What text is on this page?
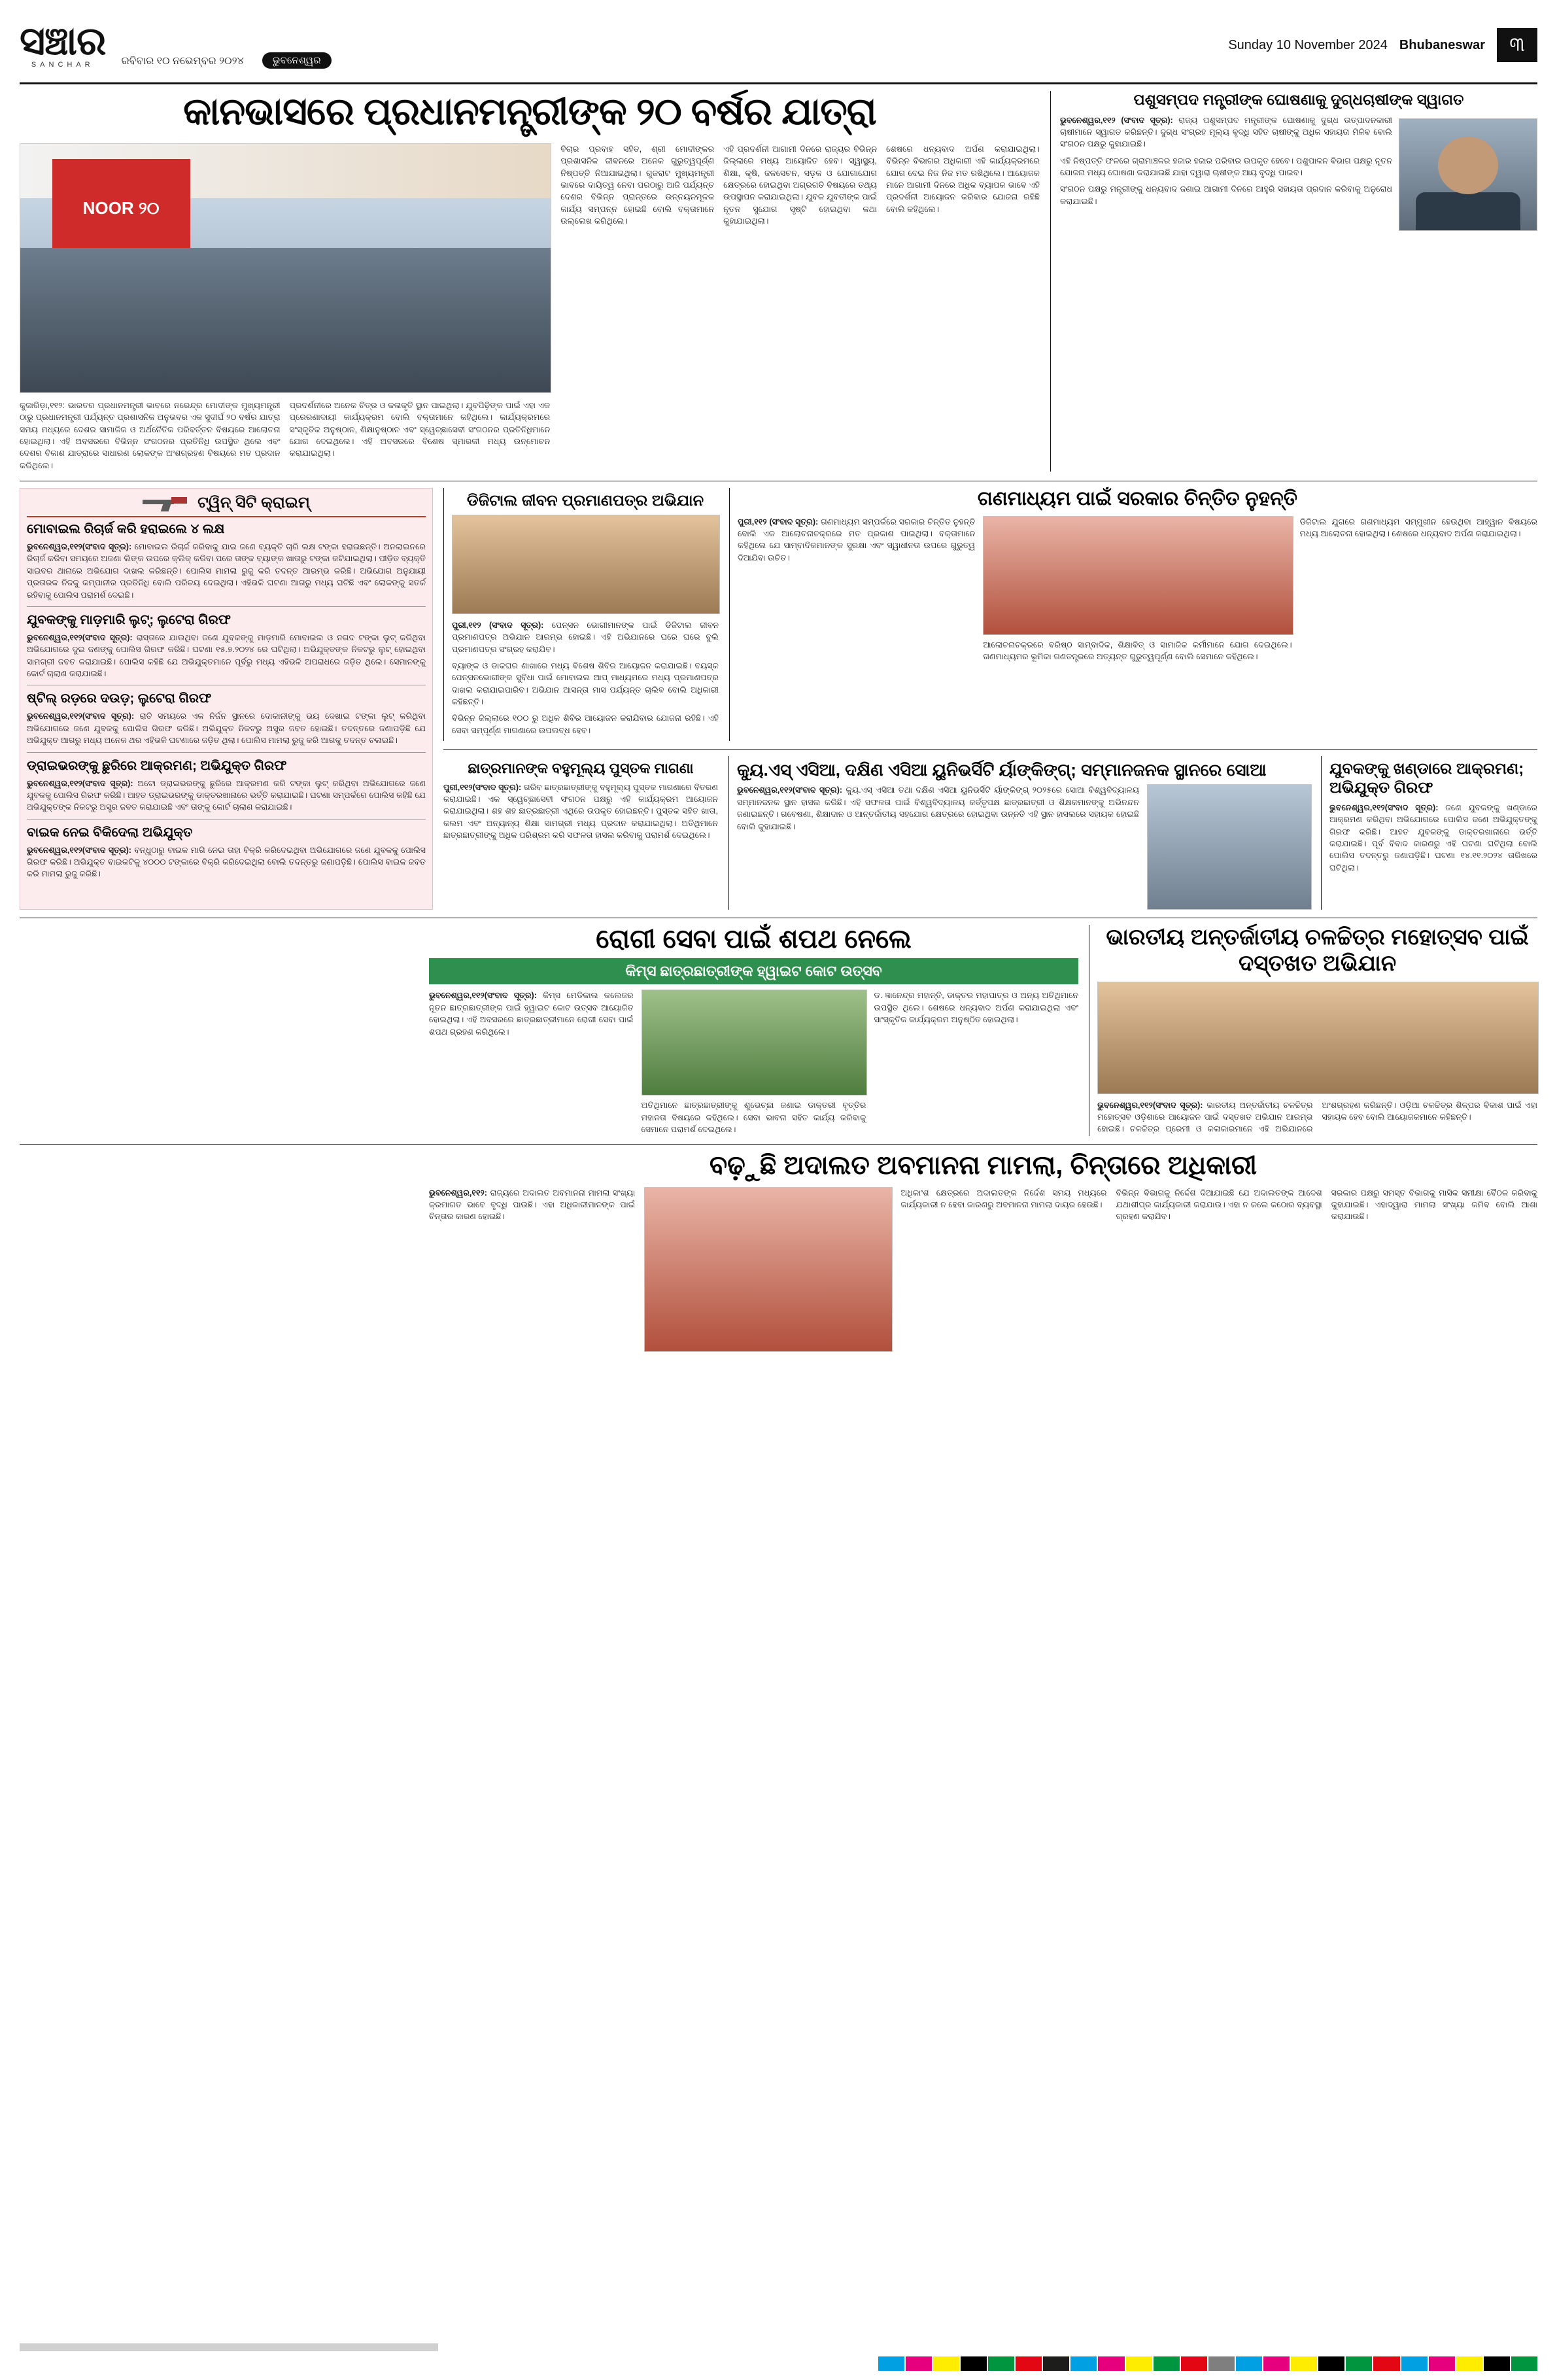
ସଞ୍ଚାର
SANCHAR	ରବିବାର ୧୦ ନଭେମ୍ବର ୨୦୨୪	ଭୁବନେଶ୍ୱର
Sunday 10 November 2024 Bhubaneswar	୩
କାନଭାସରେ ପ୍ରଧାନମନ୍ତ୍ରୀଙ୍କ ୨୦ ବର୍ଷର ଯାତ୍ରା
NOOR ୨୦
କୁଜାରିଡ଼ା,୧୧୨: ଭାରତର ପ୍ରଧାନମନ୍ତ୍ରୀ ଭାବରେ ନରେନ୍ଦ୍ର ମୋଦୀଙ୍କ ମୁଖ୍ୟମନ୍ତ୍ରୀ ଠାରୁ ପ୍ରଧାନମନ୍ତ୍ରୀ ପର୍ଯ୍ୟନ୍ତ ପ୍ରଶାସନିକ ଅନୁଭବର ଏକ ସୁଦୀର୍ଘ ୨୦ ବର୍ଷର ଯାତ୍ରା ସମୟ ମଧ୍ୟରେ ଦେଶର ସାମାଜିକ ଓ ଅର୍ଥନୈତିକ ପରିବର୍ତ୍ତନ ବିଷୟରେ ଆଲୋଚନା ହୋଇଥିଲା। ଏହି ଅବସରରେ ବିଭିନ୍ନ ସଂଗଠନର ପ୍ରତିନିଧି ଉପସ୍ଥିତ ଥିଲେ ଏବଂ ଦେଶର ବିକାଶ ଯାତ୍ରାରେ ସାଧାରଣ ଲୋକଙ୍କ ଅଂଶଗ୍ରହଣ ବିଷୟରେ ମତ ପ୍ରଦାନ କରିଥିଲେ।
ପ୍ରଦର୍ଶନୀରେ ଅନେକ ଚିତ୍ର ଓ କଳାକୃତି ସ୍ଥାନ ପାଇଥିଲା। ଯୁବପିଢ଼ିଙ୍କ ପାଇଁ ଏହା ଏକ ପ୍ରେରଣାଦାୟୀ କାର୍ଯ୍ୟକ୍ରମ ବୋଲି ବକ୍ତାମାନେ କହିଥିଲେ। କାର୍ଯ୍ୟକ୍ରମରେ ସଂସ୍କୃତିକ ଅନୁଷ୍ଠାନ, ଶିକ୍ଷାନୁଷ୍ଠାନ ଏବଂ ସ୍ୱେଚ୍ଛାସେବୀ ସଂଗଠନର ପ୍ରତିନିଧିମାନେ ଯୋଗ ଦେଇଥିଲେ। ଏହି ଅବସରରେ ବିଶେଷ ସ୍ମାରକୀ ମଧ୍ୟ ଉନ୍ମୋଚନ କରାଯାଇଥିଲା।
ବିଚାର ପ୍ରବାହ ସହିତ, ଶ୍ରୀ ମୋଦୀଙ୍କର ପ୍ରଶାସନିକ ଜୀବନରେ ଅନେକ ଗୁରୁତ୍ୱପୂର୍ଣ୍ଣ ନିଷ୍ପତ୍ତି ନିଆଯାଇଥିଲା। ଗୁଜରାଟ ମୁଖ୍ୟମନ୍ତ୍ରୀ ଭାବରେ ଦାୟିତ୍ୱ ନେବା ପରଠାରୁ ଆଜି ପର୍ଯ୍ୟନ୍ତ ଦେଶର ବିଭିନ୍ନ ପ୍ରାନ୍ତରେ ଉନ୍ନୟନମୂଳକ କାର୍ଯ୍ୟ ସମ୍ପନ୍ନ ହୋଇଛି ବୋଲି ବକ୍ତାମାନେ ଉଲ୍ଲେଖ କରିଥିଲେ।
ଏହି ପ୍ରଦର୍ଶନୀ ଆଗାମୀ ଦିନରେ ରାଜ୍ୟର ବିଭିନ୍ନ ଜିଲ୍ଲାରେ ମଧ୍ୟ ଆୟୋଜିତ ହେବ। ସ୍ୱାସ୍ଥ୍ୟ, ଶିକ୍ଷା, କୃଷି, ଜଳସେଚନ, ସଡ଼କ ଓ ଯୋଗାଯୋଗ କ୍ଷେତ୍ରରେ ହୋଇଥିବା ଅଗ୍ରଗତି ବିଷୟରେ ତଥ୍ୟ ଉପସ୍ଥାପନ କରାଯାଇଥିଲା। ଯୁବକ ଯୁବତୀଙ୍କ ପାଇଁ ନୂତନ ସୁଯୋଗ ସୃଷ୍ଟି ହୋଇଥିବା କଥା କୁହାଯାଇଥିଲା।
ଶେଷରେ ଧନ୍ୟବାଦ ଅର୍ପଣ କରାଯାଇଥିଲା। ବିଭିନ୍ନ ବିଭାଗର ଅଧିକାରୀ ଏହି କାର୍ଯ୍ୟକ୍ରମରେ ଯୋଗ ଦେଇ ନିଜ ନିଜ ମତ ରଖିଥିଲେ। ଆୟୋଜକ ମାନେ ଆଗାମୀ ଦିନରେ ଅଧିକ ବ୍ୟାପକ ଭାବେ ଏହି ପ୍ରଦର୍ଶନୀ ଆୟୋଜନ କରିବାର ଯୋଜନା ରହିଛି ବୋଲି କହିଥିଲେ।
ପଶୁସମ୍ପଦ ମନ୍ତ୍ରୀଙ୍କ ଘୋଷଣାକୁ ଦୁଗ୍ଧଚାଷୀଙ୍କ ସ୍ୱାଗତ

ଭୁବନେଶ୍ୱର,୧୧୨ (ସଂବାଦ ସୂତ୍ର): ରାଜ୍ୟ ପଶୁସମ୍ପଦ ମନ୍ତ୍ରୀଙ୍କ ଘୋଷଣାକୁ ଦୁଗ୍ଧ ଉତ୍ପାଦନକାରୀ ଚାଷୀମାନେ ସ୍ୱାଗତ କରିଛନ୍ତି। ଦୁଗ୍ଧ ସଂଗ୍ରହ ମୂଲ୍ୟ ବୃଦ୍ଧି ସହିତ ଚାଷୀଙ୍କୁ ଅଧିକ ସହାୟତା ମିଳିବ ବୋଲି ସଂଗଠନ ପକ୍ଷରୁ କୁହାଯାଇଛି।

ଏହି ନିଷ୍ପତ୍ତି ଫଳରେ ଗ୍ରାମାଞ୍ଚଳର ହଜାର ହଜାର ପରିବାର ଉପକୃତ ହେବେ। ପଶୁପାଳନ ବିଭାଗ ପକ୍ଷରୁ ନୂତନ ଯୋଜନା ମଧ୍ୟ ଘୋଷଣା କରାଯାଇଛି ଯାହା ଦ୍ୱାରା ଚାଷୀଙ୍କ ଆୟ ବୃଦ୍ଧି ପାଇବ।

ସଂଗଠନ ପକ୍ଷରୁ ମନ୍ତ୍ରୀଙ୍କୁ ଧନ୍ୟବାଦ ଜଣାଇ ଆଗାମୀ ଦିନରେ ଆହୁରି ସହାୟତା ପ୍ରଦାନ କରିବାକୁ ଅନୁରୋଧ କରାଯାଇଛି।

ଟ୍ୱିନ୍ ସିଟି କ୍ରାଇମ୍
ମୋବାଇଲ ରିଚାର୍ଜ କରି ହରାଇଲେ ୪ ଲକ୍ଷ
ଭୁବନେଶ୍ୱର,୧୧୨(ସଂବାଦ ସୂତ୍ର): ମୋବାଇଲ ରିଚାର୍ଜ କରିବାକୁ ଯାଇ ଜଣେ ବ୍ୟକ୍ତି ଚାରି ଲକ୍ଷ ଟଙ୍କା ହରାଇଛନ୍ତି। ଅନଲାଇନରେ ରିଚାର୍ଜ କରିବା ସମୟରେ ଅଜଣା ଲିଙ୍କ ଉପରେ କ୍ଲିକ୍ କରିବା ପରେ ତାଙ୍କ ବ୍ୟାଙ୍କ ଖାତାରୁ ଟଙ୍କା କଟିଯାଇଥିଲା। ପୀଡ଼ିତ ବ୍ୟକ୍ତି ସାଇବର ଥାନାରେ ଅଭିଯୋଗ ଦାଖଲ କରିଛନ୍ତି। ପୋଲିସ ମାମଲା ରୁଜୁ କରି ତଦନ୍ତ ଆରମ୍ଭ କରିଛି। ଅଭିଯୋଗ ଅନୁଯାୟୀ ପ୍ରତାରକ ନିଜକୁ କମ୍ପାନୀର ପ୍ରତିନିଧି ବୋଲି ପରିଚୟ ଦେଇଥିଲା। ଏହିଭଳି ଘଟଣା ଆଗରୁ ମଧ୍ୟ ଘଟିଛି ଏବଂ ଲୋକଙ୍କୁ ସତର୍କ ରହିବାକୁ ପୋଲିସ ପରାମର୍ଶ ଦେଇଛି।
ଯୁବକଙ୍କୁ ମାଡ଼ମାରି ଲୁଟ୍; ଲୁଟେରା ଗିରଫ
ଭୁବନେଶ୍ୱର,୧୧୨(ସଂବାଦ ସୂତ୍ର): ରାସ୍ତାରେ ଯାଉଥିବା ଜଣେ ଯୁବକଙ୍କୁ ମାଡ଼ମାରି ମୋବାଇଲ ଓ ନଗଦ ଟଙ୍କା ଲୁଟ୍ କରିଥିବା ଅଭିଯୋଗରେ ଦୁଇ ଜଣଙ୍କୁ ପୋଲିସ ଗିରଫ କରିଛି। ଘଟଣା ୧୫.୭.୨୦୨୪ ରେ ଘଟିଥିଲା। ଅଭିଯୁକ୍ତଙ୍କ ନିକଟରୁ ଲୁଟ୍ ହୋଇଥିବା ସାମଗ୍ରୀ ଜବତ କରାଯାଇଛି। ପୋଲିସ କହିଛି ଯେ ଅଭିଯୁକ୍ତମାନେ ପୂର୍ବରୁ ମଧ୍ୟ ଏହିଭଳି ଅପରାଧରେ ଜଡ଼ିତ ଥିଲେ। ସେମାନଙ୍କୁ କୋର୍ଟ ଚାଲାଣ କରାଯାଇଛି।
ଷ୍ଟିଲ୍ ରଡ଼ରେ ଦଉଡ଼; ଲୁଟେରା ଗିରଫ
ଭୁବନେଶ୍ୱର,୧୧୨(ସଂବାଦ ସୂତ୍ର): ରାତି ସମୟରେ ଏକ ନିର୍ଜନ ସ୍ଥାନରେ ଦୋକାନୀଙ୍କୁ ଭୟ ଦେଖାଇ ଟଙ୍କା ଲୁଟ୍ କରିଥିବା ଅଭିଯୋଗରେ ଜଣେ ଯୁବକକୁ ପୋଲିସ ଗିରଫ କରିଛି। ଅଭିଯୁକ୍ତ ନିକଟରୁ ଅସ୍ତ୍ର ଜବତ ହୋଇଛି। ତଦନ୍ତରେ ଜଣାପଡ଼ିଛି ଯେ ଅଭିଯୁକ୍ତ ଆଗରୁ ମଧ୍ୟ ଅନେକ ଥର ଏହିଭଳି ଘଟଣାରେ ଜଡ଼ିତ ଥିଲା। ପୋଲିସ ମାମଲା ରୁଜୁ କରି ଆଗକୁ ତଦନ୍ତ ଚଳାଇଛି।
ଡ୍ରାଇଭରଙ୍କୁ ଛୁରିରେ ଆକ୍ରମଣ; ଅଭିଯୁକ୍ତ ଗିରଫ
ଭୁବନେଶ୍ୱର,୧୧୨(ସଂବାଦ ସୂତ୍ର): ଅଟୋ ଡ୍ରାଇଭରଙ୍କୁ ଛୁରିରେ ଆକ୍ରମଣ କରି ଟଙ୍କା ଲୁଟ୍ କରିଥିବା ଅଭିଯୋଗରେ ଜଣେ ଯୁବକକୁ ପୋଲିସ ଗିରଫ କରିଛି। ଆହତ ଡ୍ରାଇଭରଙ୍କୁ ଡାକ୍ତରଖାନାରେ ଭର୍ତ୍ତି କରାଯାଇଛି। ଘଟଣା ସମ୍ପର୍କରେ ପୋଲିସ କହିଛି ଯେ ଅଭିଯୁକ୍ତଙ୍କ ନିକଟରୁ ଅସ୍ତ୍ର ଜବତ କରାଯାଇଛି ଏବଂ ତାଙ୍କୁ କୋର୍ଟ ଚାଲାଣ କରାଯାଇଛି।
ବାଇକ ନେଇ ବିକିଦେଲା ଅଭିଯୁକ୍ତ
ଭୁବନେଶ୍ୱର,୧୧୨(ସଂବାଦ ସୂତ୍ର): ବନ୍ଧୁଠାରୁ ବାଇକ ମାଗି ନେଇ ତାହା ବିକ୍ରି କରିଦେଇଥିବା ଅଭିଯୋଗରେ ଜଣେ ଯୁବକକୁ ପୋଲିସ ଗିରଫ କରିଛି। ଅଭିଯୁକ୍ତ ବାଇକଟିକୁ ୪୦୦୦ ଟଙ୍କାରେ ବିକ୍ରି କରିଦେଇଥିଲା ବୋଲି ତଦନ୍ତରୁ ଜଣାପଡ଼ିଛି। ପୋଲିସ ବାଇକ ଜବତ କରି ମାମଲା ରୁଜୁ କରିଛି।
ଡିଜିଟାଲ ଜୀବନ ପ୍ରମାଣପତ୍ର ଅଭିଯାନ

ପୁରୀ,୧୧୨ (ସଂବାଦ ସୂତ୍ର): ପେନ୍‌ସନ ଭୋଗୀମାନଙ୍କ ପାଇଁ ଡିଜିଟାଲ ଜୀବନ ପ୍ରମାଣପତ୍ର ଅଭିଯାନ ଆରମ୍ଭ ହୋଇଛି। ଏହି ଅଭିଯାନରେ ଘରେ ଘରେ ବୁଲି ପ୍ରମାଣପତ୍ର ସଂଗ୍ରହ କରାଯିବ।

ବ୍ୟାଙ୍କ ଓ ଡାକଘର ଶାଖାରେ ମଧ୍ୟ ବିଶେଷ ଶିବିର ଆୟୋଜନ କରାଯାଇଛି। ବୟସ୍କ ପେନ୍‌ସନଭୋଗୀଙ୍କ ସୁବିଧା ପାଇଁ ମୋବାଇଲ ଆପ୍ ମାଧ୍ୟମରେ ମଧ୍ୟ ପ୍ରମାଣପତ୍ର ଦାଖଲ କରାଯାଇପାରିବ। ଅଭିଯାନ ଆସନ୍ତା ମାସ ପର୍ଯ୍ୟନ୍ତ ଚାଲିବ ବୋଲି ଅଧିକାରୀ କହିଛନ୍ତି।

ବିଭିନ୍ନ ଜିଲ୍ଲାରେ ୧୦୦ ରୁ ଅଧିକ ଶିବିର ଆୟୋଜନ କରାଯିବାର ଯୋଜନା ରହିଛି। ଏହି ସେବା ସମ୍ପୂର୍ଣ୍ଣ ମାଗଣାରେ ଉପଲବ୍ଧ ହେବ।

ଗଣମାଧ୍ୟମ ପାଇଁ ସରକାର ଚିନ୍ତିତ ନୁହନ୍ତି

ପୁରୀ,୧୧୨ (ସଂବାଦ ସୂତ୍ର): ଗଣମାଧ୍ୟମ ସମ୍ପର୍କରେ ସରକାର ଚିନ୍ତିତ ନୁହନ୍ତି ବୋଲି ଏକ ଆଲୋଚନାଚକ୍ରରେ ମତ ପ୍ରକାଶ ପାଇଥିଲା। ବକ୍ତାମାନେ କହିଥିଲେ ଯେ ସାମ୍ବାଦିକମାନଙ୍କ ସୁରକ୍ଷା ଏବଂ ସ୍ୱାଧୀନତା ଉପରେ ଗୁରୁତ୍ୱ ଦିଆଯିବା ଉଚିତ।

ଆଲୋଚନାଚକ୍ରରେ ବରିଷ୍ଠ ସାମ୍ବାଦିକ, ଶିକ୍ଷାବିତ୍ ଓ ସାମାଜିକ କର୍ମୀମାନେ ଯୋଗ ଦେଇଥିଲେ। ଗଣମାଧ୍ୟମର ଭୂମିକା ଗଣତନ୍ତ୍ରରେ ଅତ୍ୟନ୍ତ ଗୁରୁତ୍ୱପୂର୍ଣ୍ଣ ବୋଲି ସେମାନେ କହିଥିଲେ।
ଡିଜିଟାଲ ଯୁଗରେ ଗଣମାଧ୍ୟମ ସମ୍ମୁଖୀନ ହେଉଥିବା ଆହ୍ୱାନ ବିଷୟରେ ମଧ୍ୟ ଆଲୋଚନା ହୋଇଥିଲା। ଶେଷରେ ଧନ୍ୟବାଦ ଅର୍ପଣ କରାଯାଇଥିଲା।
ଛାତ୍ରମାନଙ୍କ ବହୁମୂଲ୍ୟ ପୁସ୍ତକ ମାଗଣା
ପୁରୀ,୧୧୨(ସଂବାଦ ସୂତ୍ର): ଗରିବ ଛାତ୍ରଛାତ୍ରୀଙ୍କୁ ବହୁମୂଲ୍ୟ ପୁସ୍ତକ ମାଗଣାରେ ବିତରଣ କରାଯାଇଛି। ଏକ ସ୍ୱେଚ୍ଛାସେବୀ ସଂଗଠନ ପକ୍ଷରୁ ଏହି କାର୍ଯ୍ୟକ୍ରମ ଆୟୋଜନ କରାଯାଇଥିଲା। ଶହ ଶହ ଛାତ୍ରଛାତ୍ରୀ ଏଥିରେ ଉପକୃତ ହୋଇଛନ୍ତି। ପୁସ୍ତକ ସହିତ ଖାତା, କଲମ ଏବଂ ଅନ୍ୟାନ୍ୟ ଶିକ୍ଷା ସାମଗ୍ରୀ ମଧ୍ୟ ପ୍ରଦାନ କରାଯାଇଥିଲା। ଅତିଥିମାନେ ଛାତ୍ରଛାତ୍ରୀଙ୍କୁ ଅଧିକ ପରିଶ୍ରମ କରି ସଫଳତା ହାସଲ କରିବାକୁ ପରାମର୍ଶ ଦେଇଥିଲେ।
କ୍ୟୁ.ଏସ୍ ଏସିଆ, ଦକ୍ଷିଣ ଏସିଆ ୟୁନିଭର୍ସିଟି ର୍ୟାଙ୍କିଙ୍ଗ୍; ସମ୍ମାନଜନକ ସ୍ଥାନରେ ସୋଆ
ଭୁବନେଶ୍ୱର,୧୧୨(ସଂବାଦ ସୂତ୍ର): କ୍ୟୁ.ଏସ୍ ଏସିଆ ତଥା ଦକ୍ଷିଣ ଏସିଆ ୟୁନିଭର୍ସିଟି ର୍ୟାଙ୍କିଙ୍ଗ୍ ୨୦୨୫ରେ ସୋଆ ବିଶ୍ୱବିଦ୍ୟାଳୟ ସମ୍ମାନଜନକ ସ୍ଥାନ ହାସଲ କରିଛି। ଏହି ସଫଳତା ପାଇଁ ବିଶ୍ୱବିଦ୍ୟାଳୟ କର୍ତ୍ତୃପକ୍ଷ ଛାତ୍ରଛାତ୍ରୀ ଓ ଶିକ୍ଷକମାନଙ୍କୁ ଅଭିନନ୍ଦନ ଜଣାଇଛନ୍ତି। ଗବେଷଣା, ଶିକ୍ଷାଦାନ ଓ ଆନ୍ତର୍ଜାତୀୟ ସହଯୋଗ କ୍ଷେତ୍ରରେ ହୋଇଥିବା ଉନ୍ନତି ଏହି ସ୍ଥାନ ହାସଲରେ ସହାୟକ ହୋଇଛି ବୋଲି କୁହାଯାଇଛି।
ଯୁବକଙ୍କୁ ଖଣ୍ଡାରେ ଆକ୍ରମଣ; ଅଭିଯୁକ୍ତ ଗିରଫ
ଭୁବନେଶ୍ୱର,୧୧୨(ସଂବାଦ ସୂତ୍ର): ଜଣେ ଯୁବକଙ୍କୁ ଖଣ୍ଡାରେ ଆକ୍ରମଣ କରିଥିବା ଅଭିଯୋଗରେ ପୋଲିସ ଜଣେ ଅଭିଯୁକ୍ତଙ୍କୁ ଗିରଫ କରିଛି। ଆହତ ଯୁବକଙ୍କୁ ଡାକ୍ତରଖାନାରେ ଭର୍ତ୍ତି କରାଯାଇଛି। ପୂର୍ବ ବିବାଦ କାରଣରୁ ଏହି ଘଟଣା ଘଟିଥିଲା ବୋଲି ପୋଲିସ ତଦନ୍ତରୁ ଜଣାପଡ଼ିଛି। ଘଟଣା ୧୪.୧୧.୨୦୨୪ ତାରିଖରେ ଘଟିଥିଲା।
ରୋଗୀ ସେବା ପାଇଁ ଶପଥ ନେଲେ
କିମ୍ସ ଛାତ୍ରଛାତ୍ରୀଙ୍କ ହ୍ୱାଇଟ କୋଟ ଉତ୍ସବ

ଭୁବନେଶ୍ୱର,୧୧୨(ସଂବାଦ ସୂତ୍ର): କିମ୍ସ ମେଡିକାଲ କଲେଜର ନୂତନ ଛାତ୍ରଛାତ୍ରୀଙ୍କ ପାଇଁ ହ୍ୱାଇଟ କୋଟ ଉତ୍ସବ ଆୟୋଜିତ ହୋଇଥିଲା। ଏହି ଅବସରରେ ଛାତ୍ରଛାତ୍ରୀମାନେ ରୋଗୀ ସେବା ପାଇଁ ଶପଥ ଗ୍ରହଣ କରିଥିଲେ।

ଅତିଥିମାନେ ଛାତ୍ରଛାତ୍ରୀଙ୍କୁ ଶୁଭେଚ୍ଛା ଜଣାଇ ଡାକ୍ତରୀ ବୃତ୍ତିର ମହାନତା ବିଷୟରେ କହିଥିଲେ। ସେବା ଭାବନା ସହିତ କାର୍ଯ୍ୟ କରିବାକୁ ସେମାନେ ପରାମର୍ଶ ଦେଇଥିଲେ।
ଡ. ଜ୍ଞାନେନ୍ଦ୍ର ମହାନ୍ତି, ଡାକ୍ତର ମହାପାତ୍ର ଓ ଅନ୍ୟ ଅତିଥିମାନେ ଉପସ୍ଥିତ ଥିଲେ। ଶେଷରେ ଧନ୍ୟବାଦ ଅର୍ପଣ କରାଯାଇଥିଲା ଏବଂ ସାଂସ୍କୃତିକ କାର୍ଯ୍ୟକ୍ରମ ଅନୁଷ୍ଠିତ ହୋଇଥିଲା।
ଭାରତୀୟ ଅନ୍ତର୍ଜାତୀୟ ଚଳଚ୍ଚିତ୍ର ମହୋତ୍ସବ ପାଇଁ ଦସ୍ତଖତ ଅଭିଯାନ
ଭୁବନେଶ୍ୱର,୧୧୨(ସଂବାଦ ସୂତ୍ର): ଭାରତୀୟ ଅନ୍ତର୍ଜାତୀୟ ଚଳଚ୍ଚିତ୍ର ମହୋତ୍ସବ ଓଡ଼ିଶାରେ ଆୟୋଜନ ପାଇଁ ଦସ୍ତଖତ ଅଭିଯାନ ଆରମ୍ଭ ହୋଇଛି। ଚଳଚ୍ଚିତ୍ର ପ୍ରେମୀ ଓ କଳାକାରମାନେ ଏହି ଅଭିଯାନରେ ଅଂଶଗ୍ରହଣ କରିଛନ୍ତି। ଓଡ଼ିଆ ଚଳଚ୍ଚିତ୍ର ଶିଳ୍ପର ବିକାଶ ପାଇଁ ଏହା ସହାୟକ ହେବ ବୋଲି ଆୟୋଜକମାନେ କହିଛନ୍ତି।
ବଢ଼ୁଛି ଅଦାଲତ ଅବମାନନା ମାମଲା, ଚିନ୍ତାରେ ଅଧିକାରୀ

ଭୁବନେଶ୍ୱର,୧୧୨: ରାଜ୍ୟରେ ଅଦାଲତ ଅବମାନନା ମାମଲା ସଂଖ୍ୟା କ୍ରମାଗତ ଭାବେ ବୃଦ୍ଧି ପାଉଛି। ଏହା ଅଧିକାରୀମାନଙ୍କ ପାଇଁ ଚିନ୍ତାର କାରଣ ହୋଇଛି।

ଅଧିକାଂଶ କ୍ଷେତ୍ରରେ ଅଦାଲତଙ୍କ ନିର୍ଦ୍ଦେଶ ସମୟ ମଧ୍ୟରେ କାର୍ଯ୍ୟକାରୀ ନ ହେବା କାରଣରୁ ଅବମାନନା ମାମଲା ଦାୟର ହେଉଛି।
ବିଭିନ୍ନ ବିଭାଗକୁ ନିର୍ଦ୍ଦେଶ ଦିଆଯାଇଛି ଯେ ଅଦାଲତଙ୍କ ଆଦେଶ ଯଥାଶୀଘ୍ର କାର୍ଯ୍ୟକାରୀ କରାଯାଉ। ଏହା ନ କଲେ କଠୋର ବ୍ୟବସ୍ଥା ଗ୍ରହଣ କରାଯିବ।
ସରକାର ପକ୍ଷରୁ ସମସ୍ତ ବିଭାଗକୁ ମାସିକ ସମୀକ୍ଷା ବୈଠକ କରିବାକୁ କୁହାଯାଇଛି। ଏହାଦ୍ୱାରା ମାମଲା ସଂଖ୍ୟା କମିବ ବୋଲି ଆଶା କରାଯାଉଛି।
